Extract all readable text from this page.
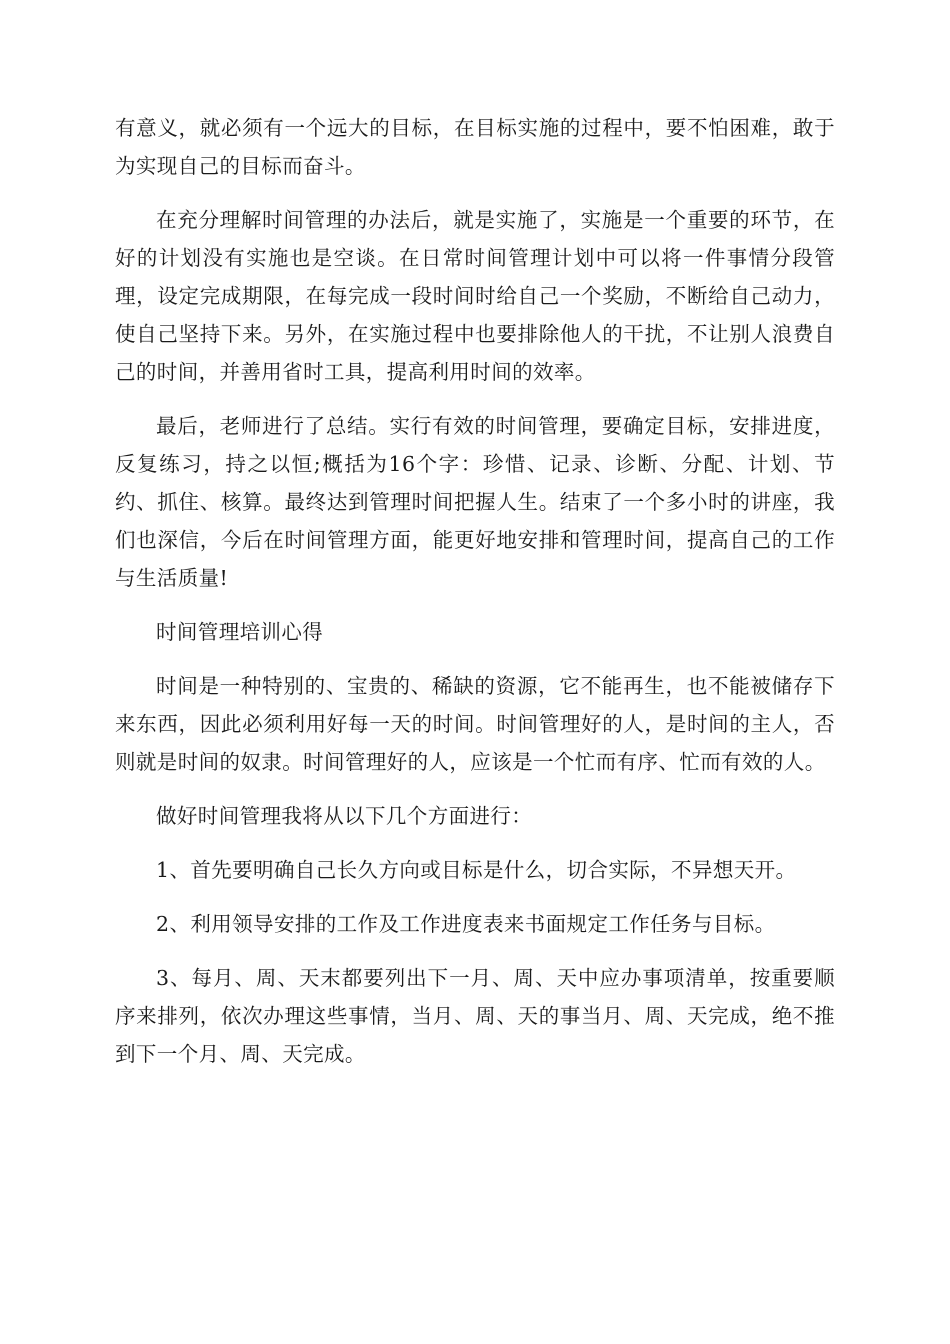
有意义，就必须有一个远大的目标，在目标实施的过程中，要不怕困难，敢于为实现自己的目标而奋斗。

在充分理解时间管理的办法后，就是实施了，实施是一个重要的环节，在好的计划没有实施也是空谈。在日常时间管理计划中可以将一件事情分段管理，设定完成期限，在每完成一段时间时给自己一个奖励，不断给自己动力，使自己坚持下来。另外，在实施过程中也要排除他人的干扰，不让别人浪费自己的时间，并善用省时工具，提高利用时间的效率。

最后，老师进行了总结。实行有效的时间管理，要确定目标，安排进度，反复练习，持之以恒;概括为16个字：珍惜、记录、诊断、分配、计划、节约、抓住、核算。最终达到管理时间把握人生。结束了一个多小时的讲座，我们也深信，今后在时间管理方面，能更好地安排和管理时间，提高自己的工作与生活质量!

时间管理培训心得

时间是一种特别的、宝贵的、稀缺的资源，它不能再生，也不能被储存下来东西，因此必须利用好每一天的时间。时间管理好的人，是时间的主人，否则就是时间的奴隶。时间管理好的人，应该是一个忙而有序、忙而有效的人。

做好时间管理我将从以下几个方面进行：

1、首先要明确自己长久方向或目标是什么，切合实际，不异想天开。

2、利用领导安排的工作及工作进度表来书面规定工作任务与目标。

3、每月、周、天末都要列出下一月、周、天中应办事项清单，按重要顺序来排列，依次办理这些事情，当月、周、天的事当月、周、天完成，绝不推到下一个月、周、天完成。
